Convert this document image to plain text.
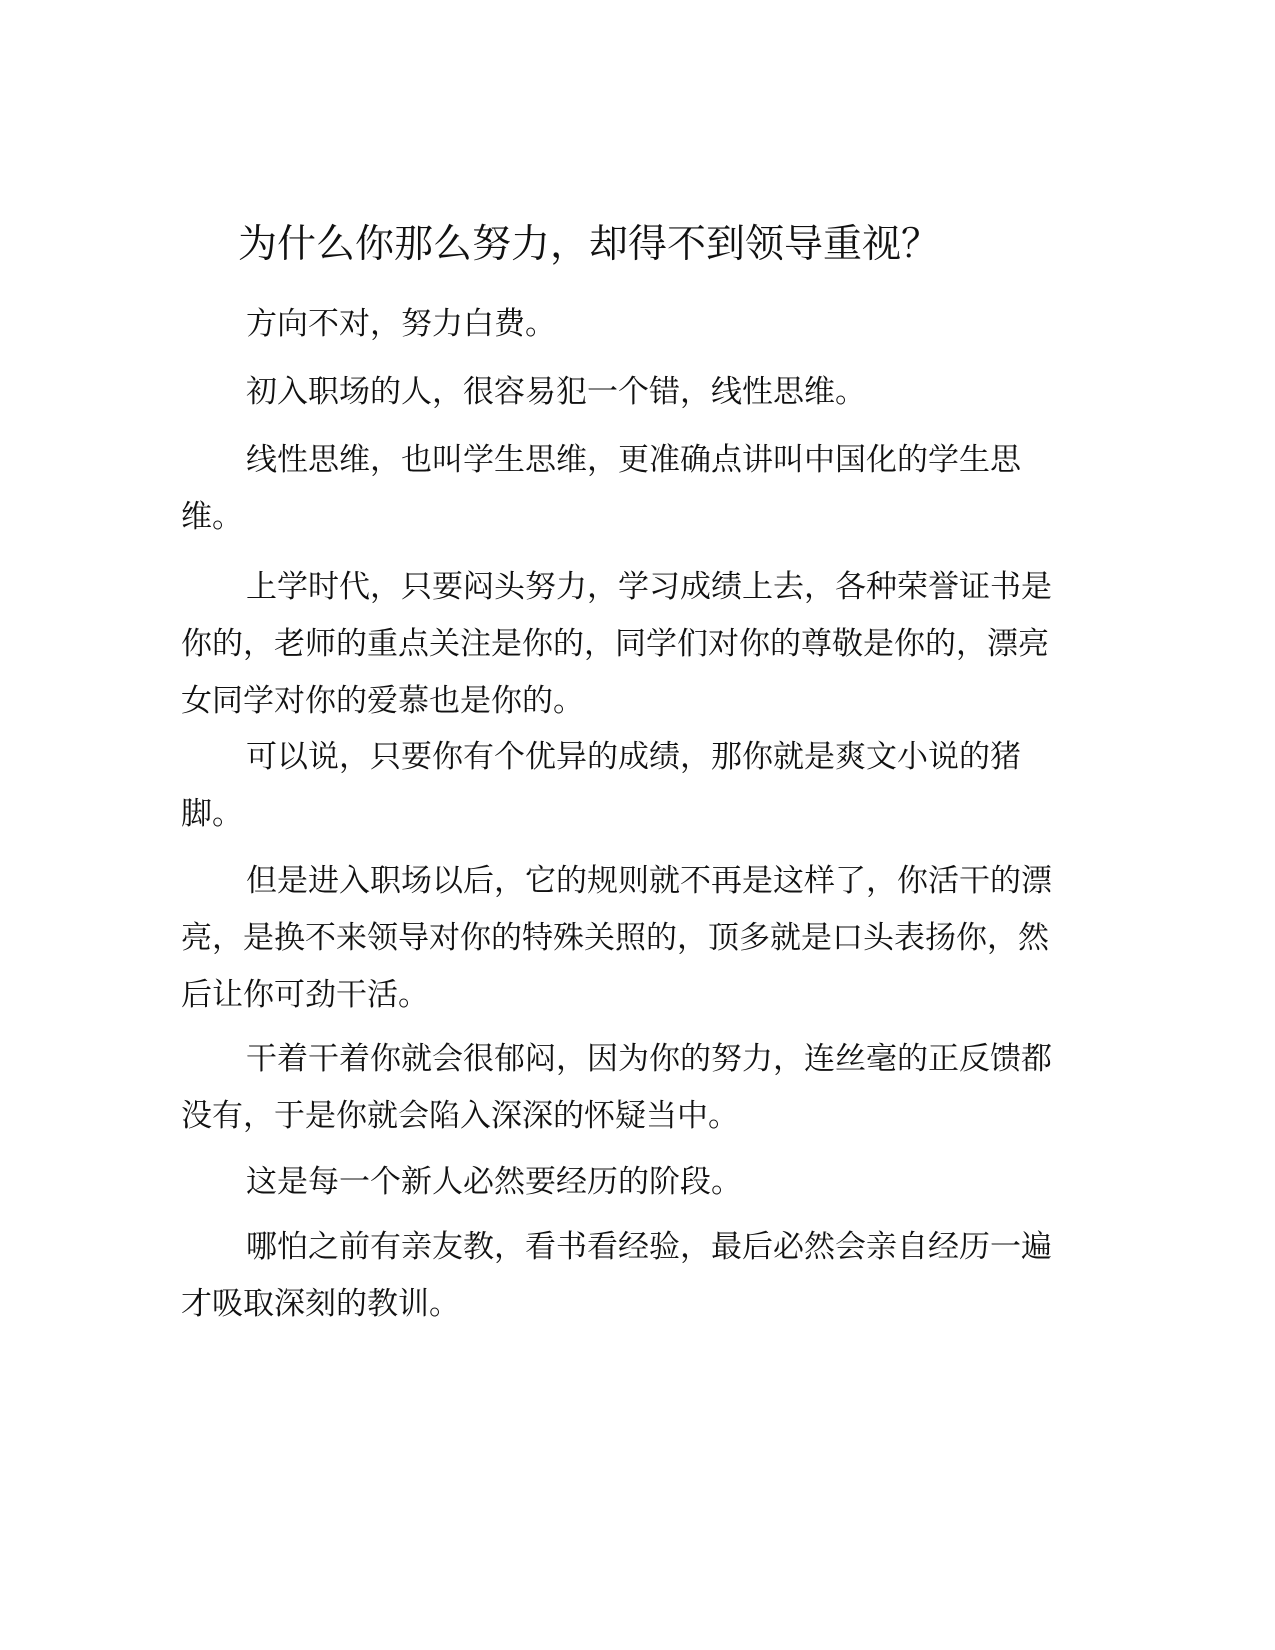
为什么你那么努力，却得不到领导重视？

方向不对，努力白费。

初入职场的人，很容易犯一个错，线性思维。

线性思维，也叫学生思维，更准确点讲叫中国化的学生思维。

上学时代，只要闷头努力，学习成绩上去，各种荣誉证书是你的，老师的重点关注是你的，同学们对你的尊敬是你的，漂亮女同学对你的爱慕也是你的。

可以说，只要你有个优异的成绩，那你就是爽文小说的猪脚。

但是进入职场以后，它的规则就不再是这样了，你活干的漂亮，是换不来领导对你的特殊关照的，顶多就是口头表扬你，然后让你可劲干活。

干着干着你就会很郁闷，因为你的努力，连丝毫的正反馈都没有，于是你就会陷入深深的怀疑当中。

这是每一个新人必然要经历的阶段。

哪怕之前有亲友教，看书看经验，最后必然会亲自经历一遍才吸取深刻的教训。
